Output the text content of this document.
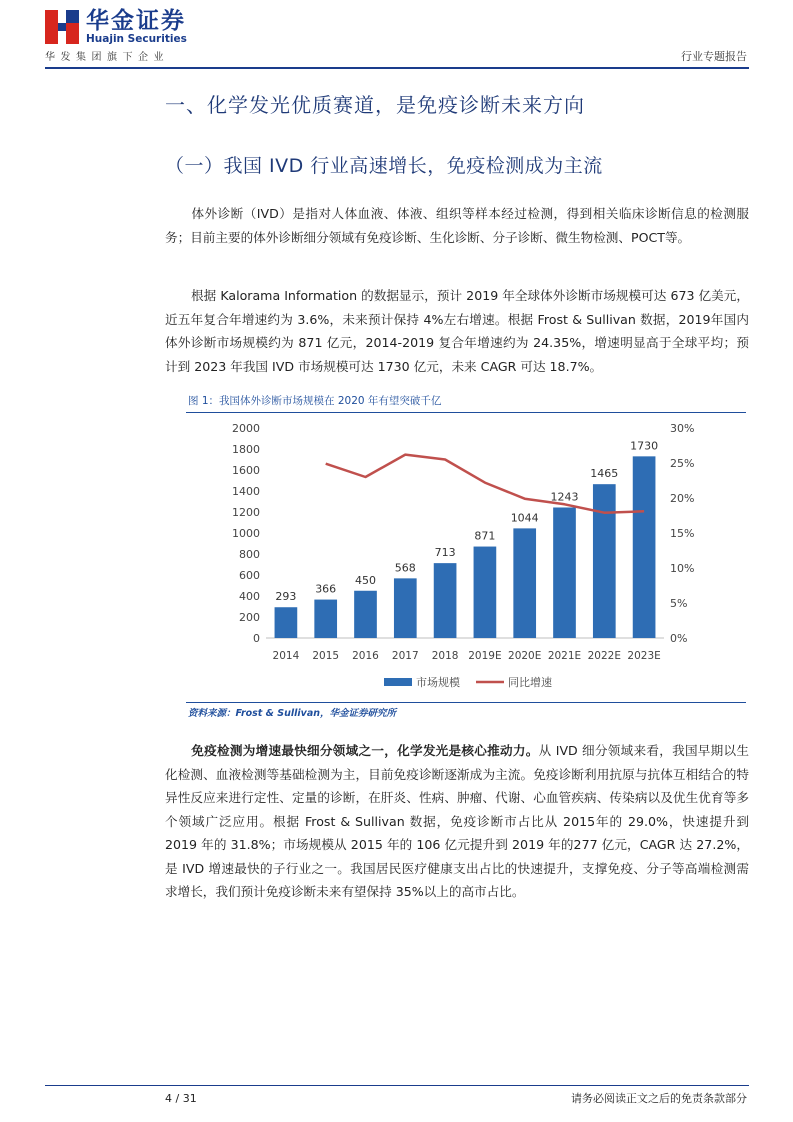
华金证券
Huajin Securities
华发集团旗下企业	行业专题报告
一、化学发光优质赛道，是免疫诊断未来方向
（一）我国 IVD 行业高速增长，免疫检测成为主流

体外诊断（IVD）是指对人体血液、体液、组织等样本经过检测，得到相关临床诊断信息的检测服务；目前主要的体外诊断细分领域有免疫诊断、生化诊断、分子诊断、微生物检测、POCT等。

根据 Kalorama Information 的数据显示，预计 2019 年全球体外诊断市场规模可达 673 亿美元，近五年复合年增速约为 3.6%，未来预计保持 4%左右增速。根据 Frost & Sullivan 数据，2019年国内体外诊断市场规模约为 871 亿元，2014-2019 复合年增速约为 24.35%，增速明显高于全球平均；预计到 2023 年我国 IVD 市场规模可达 1730 亿元，未来 CAGR 可达 18.7%。

图 1：我国体外诊断市场规模在 2020 年有望突破千亿
0
200
400
600
800
1000
1200
1400
1600
1800
2000
0%
5%
10%
15%
20%
25%
30%
293
366
450
568
713
871
1044
1243
1465
1730
2014 2015 2016 2017 2018 2019E 2020E 2021E 2022E 2023E
市场规模	同比增速
资料来源：Frost & Sullivan，华金证券研究所

免疫检测为增速最快细分领域之一，化学发光是核心推动力。从 IVD 细分领域来看，我国早期以生化检测、血液检测等基础检测为主，目前免疫诊断逐渐成为主流。免疫诊断利用抗原与抗体互相结合的特异性反应来进行定性、定量的诊断，在肝炎、性病、肿瘤、代谢、心血管疾病、传染病以及优生优育等多个领域广泛应用。根据 Frost & Sullivan 数据，免疫诊断市占比从 2015年的 29.0%，快速提升到 2019 年的 31.8%；市场规模从 2015 年的 106 亿元提升到 2019 年的277 亿元，CAGR 达 27.2%，是 IVD 增速最快的子行业之一。我国居民医疗健康支出占比的快速提升，支撑免疫、分子等高端检测需求增长，我们预计免疫诊断未来有望保持 35%以上的高市占比。

4 / 31	请务必阅读正文之后的免责条款部分
